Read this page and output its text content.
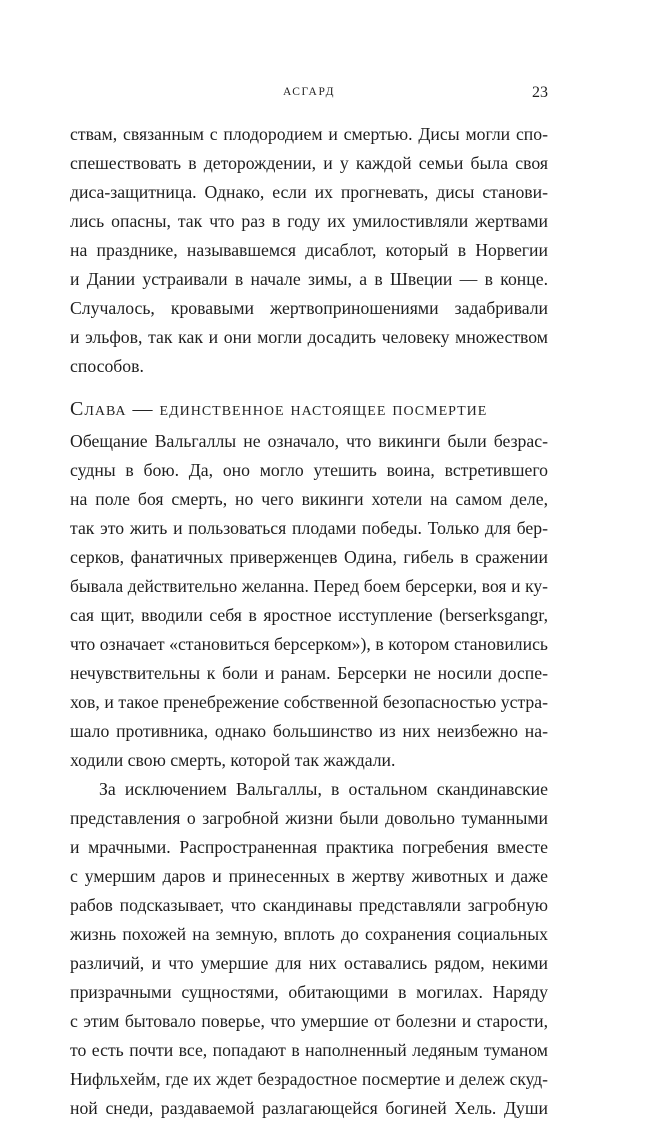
АСГАРД	23
ствам, связанным с плодородием и смертью. Дисы могли спо-
спешествовать в деторождении, и у каждой семьи была своя
диса-защитница. Однако, если их прогневать, дисы станови-
лись опасны, так что раз в году их умилостивляли жертвами
на празднике, называвшемся дисаблот, который в Норвегии
и Дании устраивали в начале зимы, а в Швеции — в конце.
Случалось, кровавыми жертвоприношениями задабривали
и эльфов, так как и они могли досадить человеку множеством
способов.
Слава — единственное настоящее посмертие
Обещание Вальгаллы не означало, что викинги были безрас-
судны в бою. Да, оно могло утешить воина, встретившего
на поле боя смерть, но чего викинги хотели на самом деле,
так это жить и пользоваться плодами победы. Только для бер-
серков, фанатичных приверженцев Одина, гибель в сражении
бывала действительно желанна. Перед боем берсерки, воя и ку-
сая щит, вводили себя в яростное исступление (berserksgangr,
что означает «становиться берсерком»), в котором становились
нечувствительны к боли и ранам. Берсерки не носили доспе-
хов, и такое пренебрежение собственной безопасностью устра-
шало противника, однако большинство из них неизбежно на-
ходили свою смерть, которой так жаждали.
За исключением Вальгаллы, в остальном скандинавские
представления о загробной жизни были довольно туманными
и мрачными. Распространенная практика погребения вместе
с умершим даров и принесенных в жертву животных и даже
рабов подсказывает, что скандинавы представляли загробную
жизнь похожей на земную, вплоть до сохранения социальных
различий, и что умершие для них оставались рядом, некими
призрачными сущностями, обитающими в могилах. Наряду
с этим бытовало поверье, что умершие от болезни и старости,
то есть почти все, попадают в наполненный ледяным туманом
Нифльхейм, где их ждет безрадостное посмертие и дележ скуд-
ной снеди, раздаваемой разлагающейся богиней Хель. Души
